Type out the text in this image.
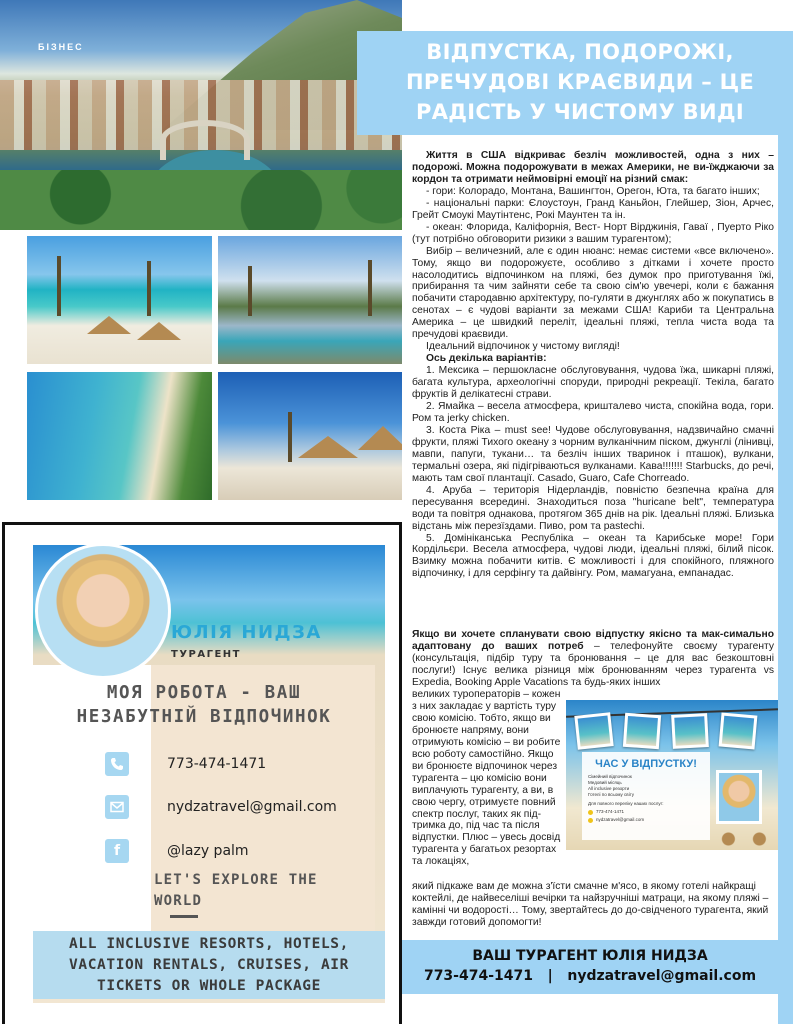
БІЗНЕС	ВІДПУСТКА, ПОДОРОЖІ, ПРЕЧУДОВІ КРАЄВИДИ – ЦЕ РАДІСТЬ У ЧИСТОМУ ВИДІ

Життя в США відкриває безліч можливостей, одна з них – подорожі. Можна подорожувати в межах Америки, не ви-їжджаючи за кордон та отримати неймовірні емоції на різний смак:

- гори: Колорадо, Монтана, Вашингтон, Орегон, Юта, та багато інших;

- національні парки: Єлоустоун, Гранд Каньйон, Глейшер, Зіон, Арчес, Грейт Смоукі Маутінтенс, Рокі Маунтен та ін.

- океан: Флорида, Каліфорнія, Вест- Норт Вірджинія, Гаваї , Пуерто Ріко (тут потрібно обговорити ризики з вашим турагентом);

Вибір – величезний, але є один нюанс: немає системи «все включено». Тому, якщо ви подорожуєте, особливо з дітками і хочете просто насолодитись відпочинком на пляжі, без думок про приготування їжі, прибирання та чим зайняти себе та свою сім'ю увечері, коли є бажання побачити стародавню архітектуру, по-гуляти в джунглях або ж покупатись в сенотах – є чудові варіанти за межами США! Кариби та Центральна Америка – це швидкий переліт, ідеальні пляжі, тепла чиста вода та пречудові краєвиди.

Ідеальний відпочинок у чистому вигляді!

Ось декілька варіантів:

1. Мексика – першокласне обслуговування, чудова їжа, шикарні пляжі, багата культура, археологічні споруди, природні рекреації. Текіла, багато фруктів й делікатесні страви.

2. Ямайка – весела атмосфера, кришталево чиста, спокійна вода, гори. Ром та jerky chicken.

3. Коста Ріка – must see! Чудове обслуговування, надзвичайно смачні фрукти, пляжі Тихого океану з чорним вулканічним піском, джунглі (лінивці, мавпи, папуги, тукани… та безліч інших тваринок і пташок), вулкани, термальні озера, які підігріваються вулканами. Кава!!!!!!! Starbucks, до речі, мають там свої плантації. Casado, Guaro, Cafe Chorreado.

4. Аруба – територія Нідерландів, повністю безпечна країна для пересування всередині. Знаходиться поза "huricane belt", температура води та повітря однакова, протягом 365 днів на рік. Ідеальні пляжі. Близька відстань між перезїздами. Пиво, ром та pastechi.

5. Домініканська Республіка – океан та Карибське море! Гори Кордільєри. Весела атмосфера, чудові люди, ідеальні пляжі, білий пісок. Взимку можна побачити китів. Є можливості і для спокійного, пляжного відпочинку, і для серфінгу та дайвінгу. Ром, мамагуана, емпанадас.

Якщо ви хочете спланувати свою відпустку якісно та мак-симально адаптовану до ваших потреб – телефонуйте своєму турагенту (консультація, підбір туру та бронювання – це для вас безкоштовні послуги!) Існує велика різниця між бронюванням через турагента vs Expedia, Booking Apple Vacations та будь-яких інших

великих туроператорів – кожен з них закладає у вартість туру свою комісію. Тобто, якщо ви бронюєте напряму, вони отримують комісію – ви робите всю роботу самостійно. Якщо ви бронюєте відпочинок через турагента – цю комісію вони виплачують турагенту, а ви, в свою чергу, отримуєте повний спектр послуг, таких як під-тримка до, під час та після відпустки. Плюс – увесь досвід турагента у багатьох резортах та локаціях,

ЧАС У ВІДПУСТКУ!
Сімейний відпочинок
Медовий місяць
All inclusive резорти
Готелі по всьому світу
Для повного переліку наших послуг:
773-474-1471
nydzatravel@gmail.com

який підкаже вам де можна з'їсти смачне м'ясо, в якому готелі найкращі коктейлі, де найвеселіші вечірки та найзручніші матраци, на якому пляжі – камінні чи водорості… Тому, звертайтесь до до-свідченого турагента, який завжди готовий допомогти!

ВАШ ТУРАГЕНТ ЮЛІЯ НИДЗА
773-474-1471 | nydzatravel@gmail.com
ЮЛІЯ НИДЗА
ТУРАГЕНТ
МОЯ РОБОТА - ВАШ
НЕЗАБУТНІЙ ВІДПОЧИНОК
773-474-1471
nydzatravel@gmail.com
f	@lazy palm
LET'S EXPLORE THE WORLD
ALL INCLUSIVE RESORTS, HOTELS, VACATION RENTALS, CRUISES, AIR TICKETS OR WHOLE PACKAGE
